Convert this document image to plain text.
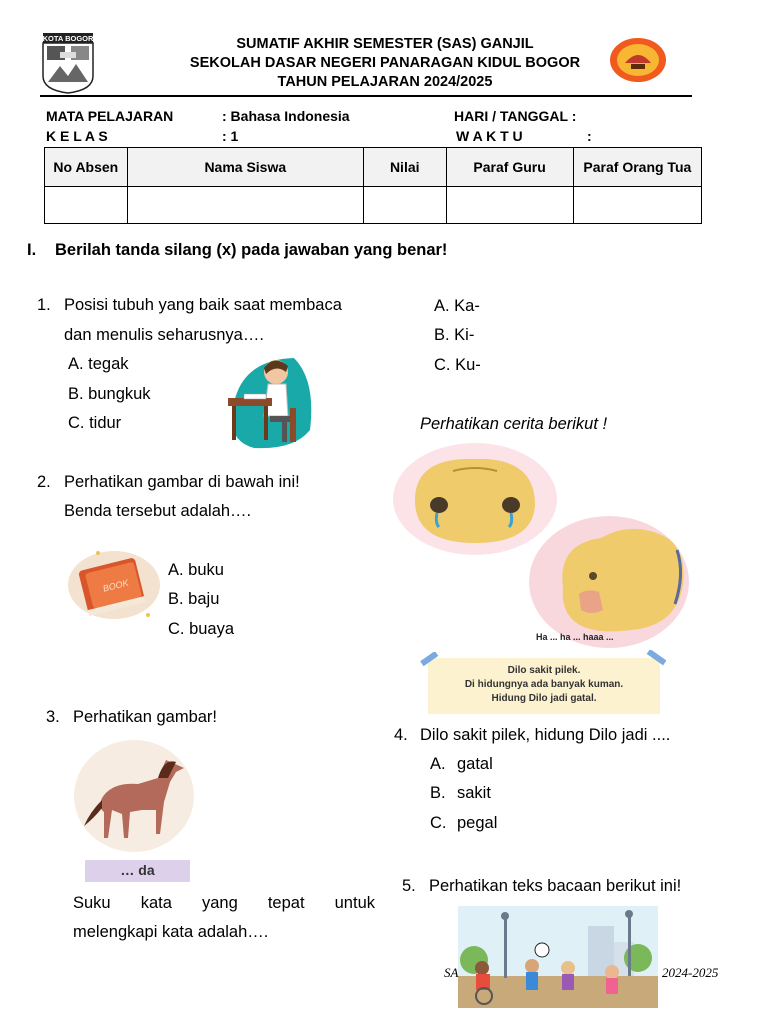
KOTA BOGOR	SUMATIF AKHIR SEMESTER (SAS) GANJIL
SEKOLAH DASAR NEGERI PANARAGAN KIDUL BOGOR
TAHUN PELAJARAN 2024/2025
MATA PELAJARAN	: Bahasa Indonesia	HARI / TANGGAL :
K E L A S	: 1	W A K T U	:
No Absen	Nama Siswa	Nilai	Paraf Guru	Paraf Orang Tua

I. Berilah tanda silang (x) pada jawaban yang benar!
1. Posisi tubuh yang baik saat membaca
dan menulis seharusnya….
A. tegak
B. bungkuk
C. tidur
2. Perhatikan gambar di bawah ini!
Benda tersebut adalah….
BOOK
A. buku
B. baju
C. buaya
3. Perhatikan gambar!
… da
Suku kata yang tepat untuk
melengkapi kata adalah….
A. Ka-
B. Ki-
C. Ku-
Perhatikan cerita berikut !
Ha ... ha ... haaa ...
Dilo sakit pilek.
Di hidungnya ada banyak kuman.
Hidung Dilo jadi gatal.
4. Dilo sakit pilek, hidung Dilo jadi ....
A. gatal
B. sakit
C. pegal
5. Perhatikan teks bacaan berikut ini!
SA	2024-2025
